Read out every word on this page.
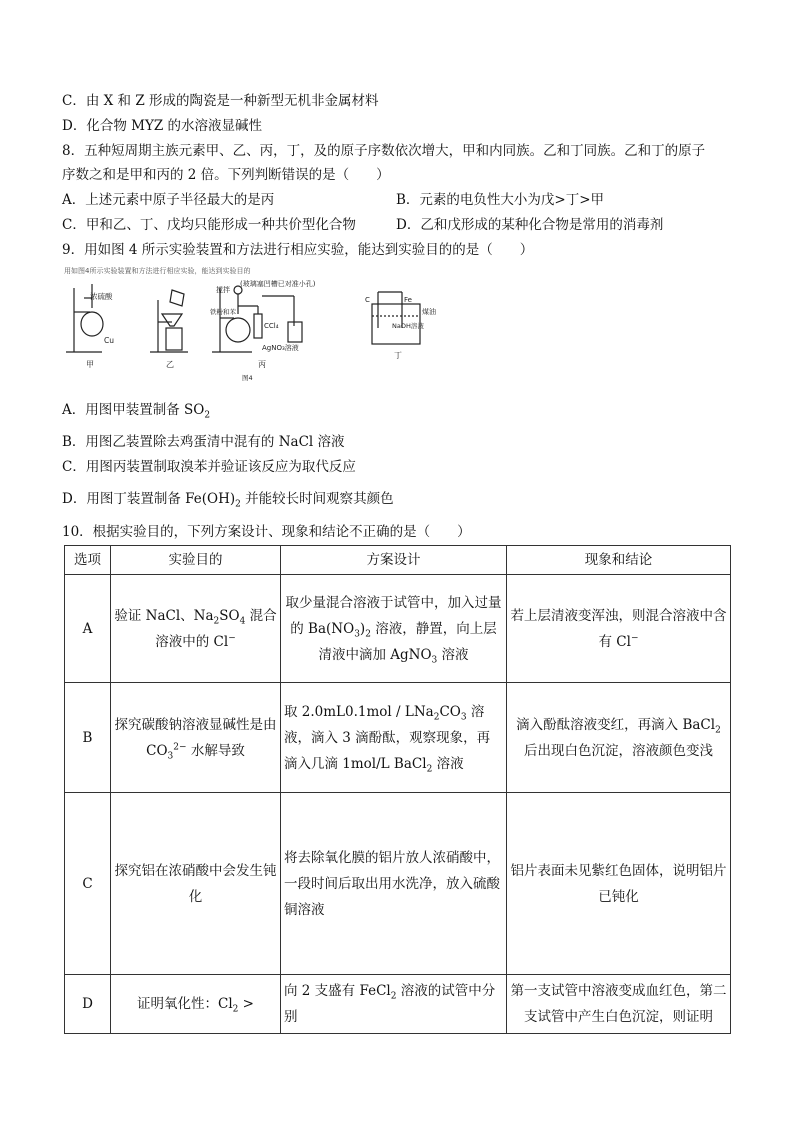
C．由 X 和 Z 形成的陶瓷是一种新型无机非金属材料
D．化合物 MYZ 的水溶液显碱性
8．五种短周期主族元素甲、乙、丙，丁，及的原子序数依次增大，甲和内同族。乙和丁同族。乙和丁的原子
序数之和是甲和丙的 2 倍。下列判断错误的是（　　）
A．上述元素中原子半径最大的是丙	B．元素的电负性大小为戊>丁>甲
C．甲和乙、丁、戊均只能形成一种共价型化合物	D．乙和戊形成的某种化合物是常用的消毒剂
9．用如图 4 所示实验装置和方法进行相应实验，能达到实验目的的是（　　）
用如图4所示实验装置和方法进行相应实验，能达到实验目的
浓硫酸
Cu
甲	乙
搅拌
(玻璃塞凹槽已对准小孔)
铁粉和苯
CCl₄
AgNO₃溶液
丙
图4
C	Fe
煤油
NaOH溶液
丁
A．用图甲装置制备 $SO_2$
B．用图乙装置除去鸡蛋清中混有的 NaCl 溶液
C．用图丙装置制取溴苯并验证该反应为取代反应
D．用图丁装置制备 $Fe(OH)_2$ 并能较长时间观察其颜色
10．根据实验目的，下列方案设计、现象和结论不正确的是（　　）
选项	实验目的	方案设计	现象和结论
A	验证 NaCl、$Na_2SO_4$ 混合溶液中的 Cl−	取少量混合溶液于试管中，加入过量的 $Ba(NO_3)_2$ 溶液，静置，向上层清液中滴加 AgNO$_3$ 溶液	若上层清液变浑浊，则混合溶液中含有 Cl−
B	探究碳酸钠溶液显碱性是由 $CO_3^{2-}$ 水解导致	取 $2.0mL0.1mol / LNa_2CO_3$ 溶液，滴入 3 滴酚酞，观察现象，再滴入几滴 1mol/L BaCl$_2$ 溶液	滴入酚酞溶液变红，再滴入 BaCl$_2$ 后出现白色沉淀，溶液颜色变浅
C	探究铝在浓硝酸中会发生钝化	将去除氧化膜的铝片放人浓硝酸中，一段时间后取出用水洗净，放入硫酸铜溶液	铝片表面未见紫红色固体，说明铝片已钝化
D	证明氧化性：$Cl_2$ >	向 2 支盛有 FeCl$_2$ 溶液的试管中分别	第一支试管中溶液变成血红色，第二支试管中产生白色沉淀，则证明
